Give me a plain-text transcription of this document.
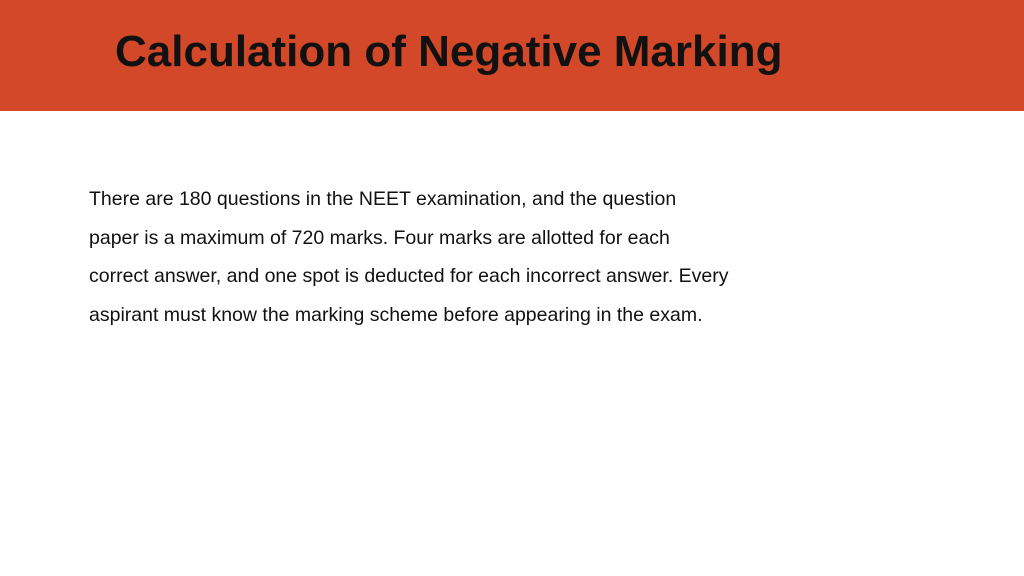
Calculation of Negative Marking
There are 180 questions in the NEET examination, and the question
paper is a maximum of 720 marks. Four marks are allotted for each
correct answer, and one spot is deducted for each incorrect answer. Every
aspirant must know the marking scheme before appearing in the exam.
